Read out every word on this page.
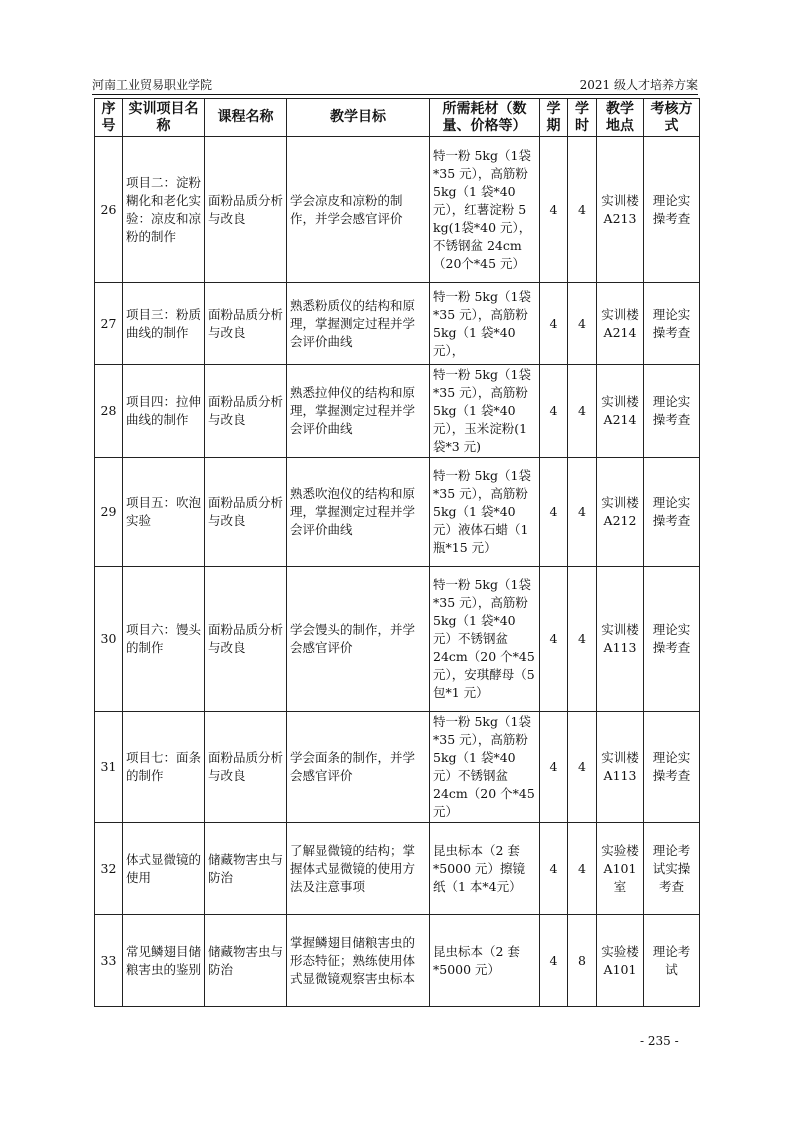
河南工业贸易职业学院	2021 级人才培养方案
序号	实训项目名称	课程名称	教学目标	所需耗材（数量、价格等）	学期	学时	教学地点	考核方式
26	项目二：淀粉糊化和老化实验：凉皮和凉粉的制作	面粉品质分析与改良	学会凉皮和凉粉的制作，并学会感官评价	特一粉 5kg（1袋*35 元），高筋粉 5kg（1 袋*40 元），红薯淀粉 5 kg(1袋*40 元），不锈钢盆 24cm（20个*45 元）	4	4	实训楼A213	理论实操考查
27	项目三：粉质曲线的制作	面粉品质分析与改良	熟悉粉质仪的结构和原理，掌握测定过程并学会评价曲线	特一粉 5kg（1袋*35 元），高筋粉 5kg（1 袋*40 元），	4	4	实训楼A214	理论实操考查
28	项目四：拉伸曲线的制作	面粉品质分析与改良	熟悉拉伸仪的结构和原理，掌握测定过程并学会评价曲线	特一粉 5kg（1袋*35 元），高筋粉 5kg（1 袋*40 元），玉米淀粉(1 袋*3 元)	4	4	实训楼A214	理论实操考查
29	项目五：吹泡实验	面粉品质分析与改良	熟悉吹泡仪的结构和原理，掌握测定过程并学会评价曲线	特一粉 5kg（1袋*35 元），高筋粉 5kg（1 袋*40 元）液体石蜡（1 瓶*15 元）	4	4	实训楼A212	理论实操考查
30	项目六：馒头的制作	面粉品质分析与改良	学会馒头的制作，并学会感官评价	特一粉 5kg（1袋*35 元），高筋粉 5kg（1 袋*40 元）不锈钢盆 24cm（20 个*45 元），安琪酵母（5 包*1 元）	4	4	实训楼A113	理论实操考查
31	项目七：面条的制作	面粉品质分析与改良	学会面条的制作，并学会感官评价	特一粉 5kg（1袋*35 元），高筋粉 5kg（1 袋*40 元）不锈钢盆 24cm（20 个*45 元）	4	4	实训楼A113	理论实操考查
32	体式显微镜的使用	储藏物害虫与防治	了解显微镜的结构；掌握体式显微镜的使用方法及注意事项	昆虫标本（2 套*5000 元）擦镜纸（1 本*4元）	4	4	实验楼A101室	理论考试实操考查
33	常见鳞翅目储粮害虫的鉴别	储藏物害虫与防治	掌握鳞翅目储粮害虫的形态特征；熟练使用体式显微镜观察害虫标本	昆虫标本（2 套*5000 元）	4	8	实验楼A101	理论考试
- 235 -
